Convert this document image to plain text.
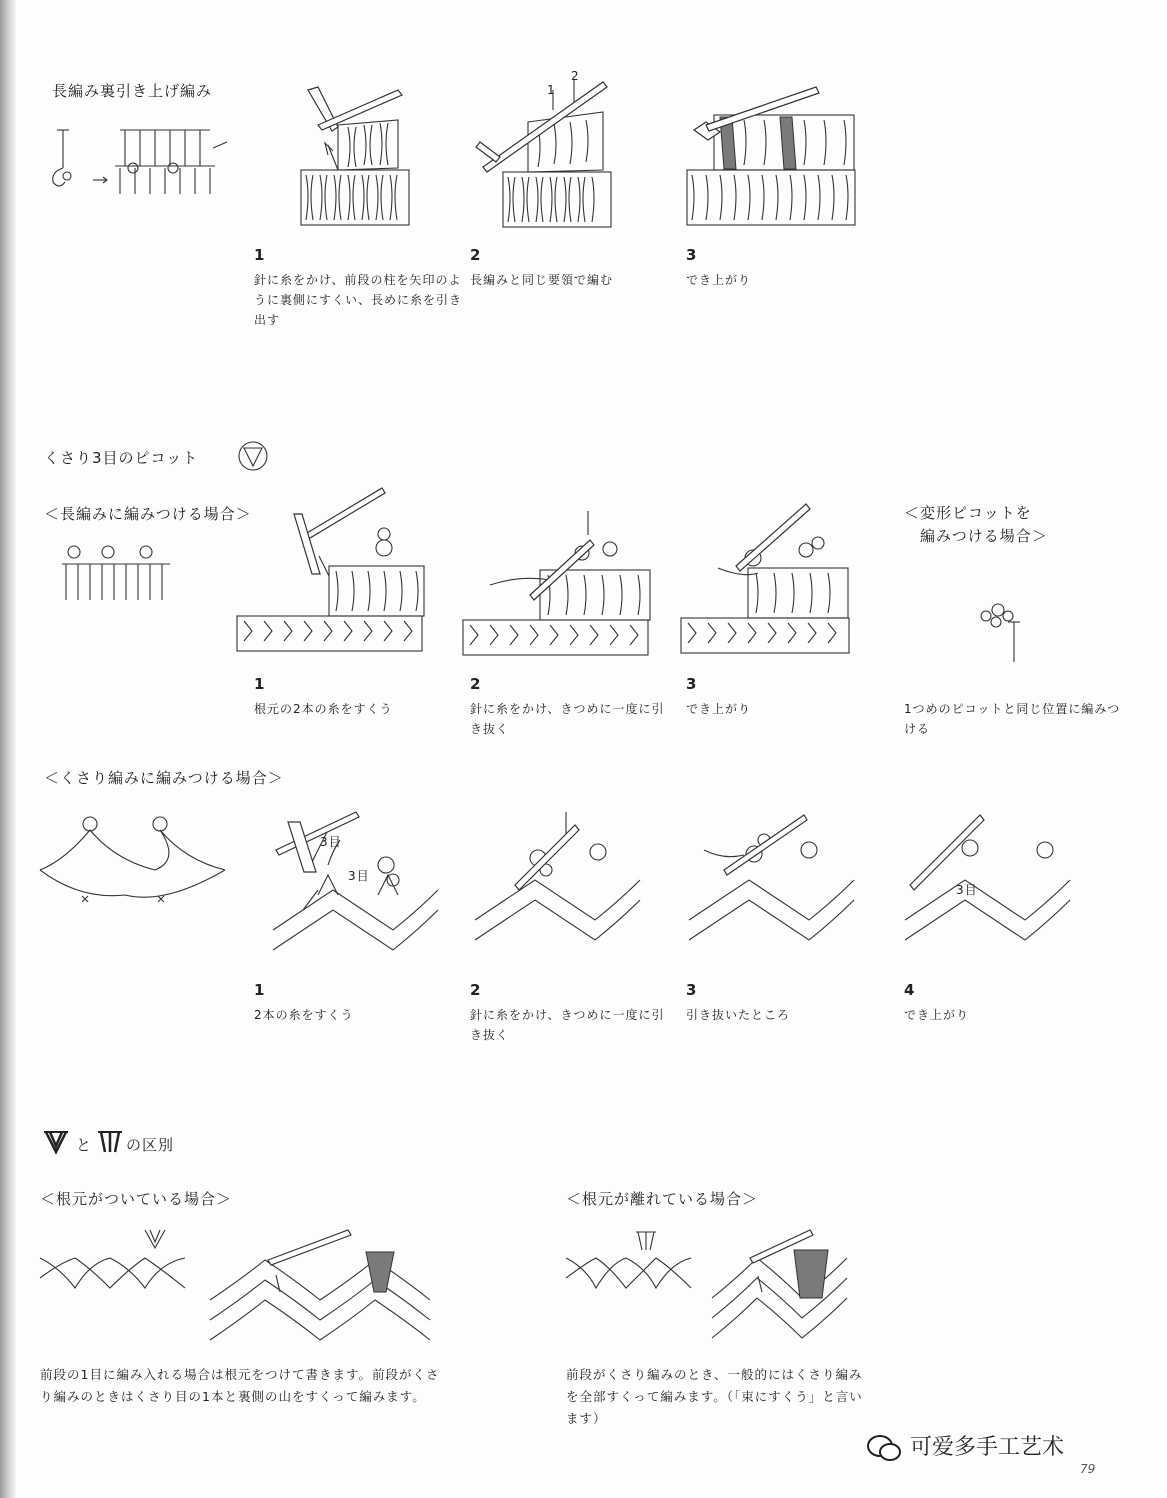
長編み裏引き上げ編み	1
2
1
針に糸をかけ、前段の柱を矢印のように裏側にすくい、長めに糸を引き出す
2
長編みと同じ要領で編む
3
でき上がり
くさり3目のピコット
＜長編みに編みつける場合＞	＜変形ピコットを
編みつける場合＞
1
根元の2本の糸をすくう
2
針に糸をかけ、きつめに一度に引き抜く
3
でき上がり	1つめのピコットと同じ位置に編みつける
＜くさり編みに編みつける場合＞
3目
3目
3目
1
2本の糸をすくう
2
針に糸をかけ、きつめに一度に引き抜く
3
引き抜いたところ
4
でき上がり
と の区別
＜根元がついている場合＞	＜根元が離れている場合＞
前段の1目に編み入れる場合は根元をつけて書きます。前段がくさり編みのときはくさり目の1本と裏側の山をすくって編みます。
前段がくさり編みのとき、一般的にはくさり編みを全部すくって編みます。（「束にすくう」と言います）
可爱多手工艺术
79
